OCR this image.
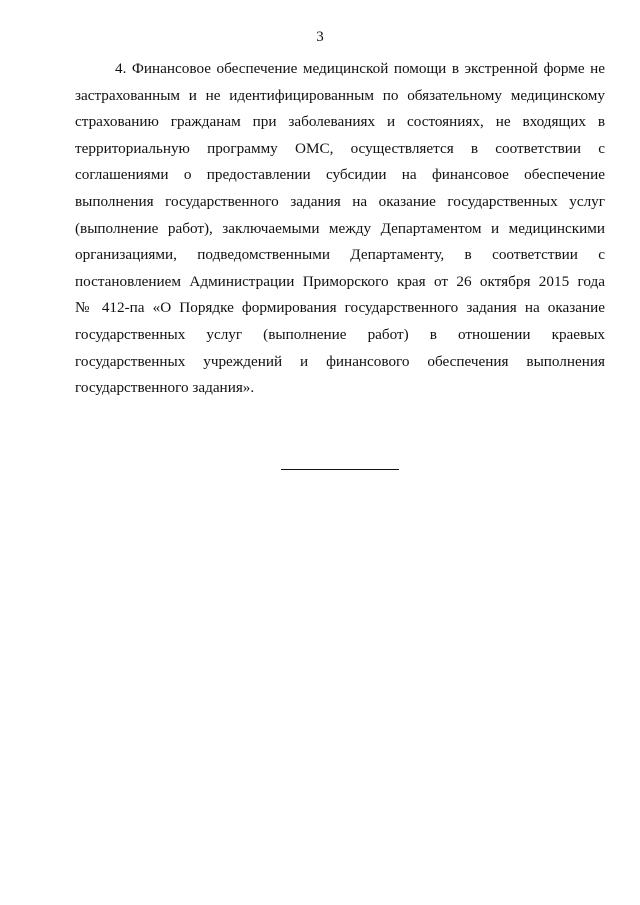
3
4. Финансовое обеспечение медицинской помощи в экстренной форме не
застрахованным и не идентифицированным по обязательному медицинскому
страхованию гражданам при заболеваниях и состояниях, не входящих в
территориальную программу ОМС, осуществляется в соответствии с
соглашениями о предоставлении субсидии на финансовое обеспечение
выполнения государственного задания на оказание государственных услуг
(выполнение работ), заключаемыми между Департаментом и медицинскими
организациями, подведомственными Департаменту, в соответствии с
постановлением Администрации Приморского края от 26 октября 2015 года
№ 412-па «О Порядке формирования государственного задания на оказание
государственных услуг (выполнение работ) в отношении краевых
государственных учреждений и финансового обеспечения выполнения
государственного задания».
